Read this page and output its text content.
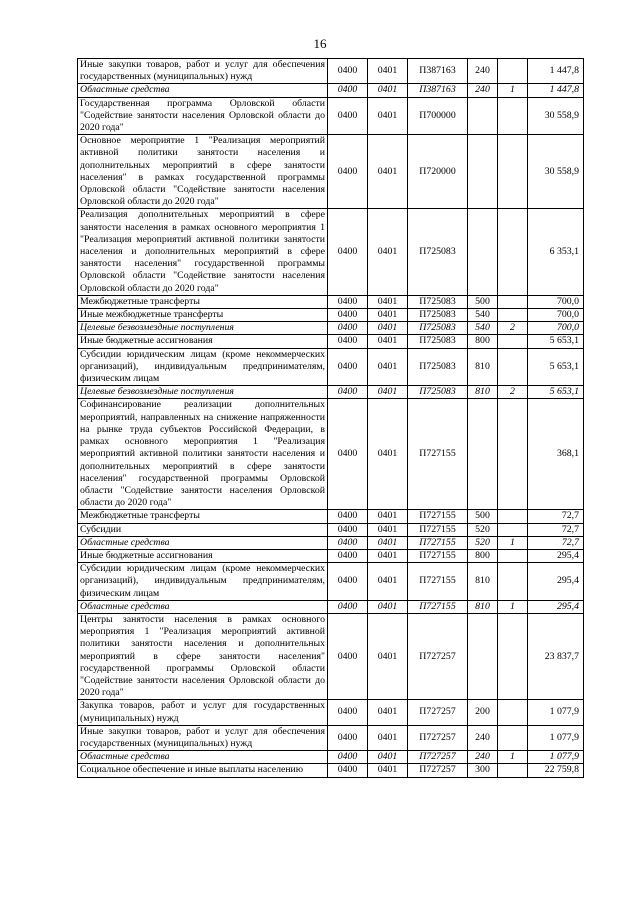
16
Иные закупки товаров, работ и услуг для обеспечения государственных (муниципальных) нужд	0400	0401	П387163	240		1 447,8
Областные средства	0400	0401	П387163	240	1	1 447,8
Государственная программа Орловской области "Содействие занятости населения Орловской области до 2020 года"	0400	0401	П700000			30 558,9
Основное мероприятие 1 "Реализация мероприятий активной политики занятости населения и дополнительных мероприятий в сфере занятости населения" в рамках государственной программы Орловской области "Содействие занятости населения Орловской области до 2020 года"	0400	0401	П720000			30 558,9
Реализация дополнительных мероприятий в сфере занятости населения в рамках основного мероприятия 1 "Реализация мероприятий активной политики занятости населения и дополнительных мероприятий в сфере занятости населения" государственной программы Орловской области "Содействие занятости населения Орловской области до 2020 года"	0400	0401	П725083			6 353,1
Межбюджетные трансферты	0400	0401	П725083	500		700,0
Иные межбюджетные трансферты	0400	0401	П725083	540		700,0
Целевые безвозмездные поступления	0400	0401	П725083	540	2	700,0
Иные бюджетные ассигнования	0400	0401	П725083	800		5 653,1
Субсидии юридическим лицам (кроме некоммерческих организаций), индивидуальным предпринимателям, физическим лицам	0400	0401	П725083	810		5 653,1
Целевые безвозмездные поступления	0400	0401	П725083	810	2	5 653,1
Софинансирование реализации дополнительных мероприятий, направленных на снижение напряженности на рынке труда субъектов Российской Федерации, в рамках основного мероприятия 1 "Реализация мероприятий активной политики занятости населения и дополнительных мероприятий в сфере занятости населения" государственной программы Орловской области "Содействие занятости населения Орловской области до 2020 года"	0400	0401	П727155			368,1
Межбюджетные трансферты	0400	0401	П727155	500		72,7
Субсидии	0400	0401	П727155	520		72,7
Областные средства	0400	0401	П727155	520	1	72,7
Иные бюджетные ассигнования	0400	0401	П727155	800		295,4
Субсидии юридическим лицам (кроме некоммерческих организаций), индивидуальным предпринимателям, физическим лицам	0400	0401	П727155	810		295,4
Областные средства	0400	0401	П727155	810	1	295,4
Центры занятости населения в рамках основного мероприятия 1 "Реализация мероприятий активной политики занятости населения и дополнительных мероприятий в сфере занятости населения" государственной программы Орловской области "Содействие занятости населения Орловской области до 2020 года"	0400	0401	П727257			23 837,7
Закупка товаров, работ и услуг для государственных (муниципальных) нужд	0400	0401	П727257	200		1 077,9
Иные закупки товаров, работ и услуг для обеспечения государственных (муниципальных) нужд	0400	0401	П727257	240		1 077,9
Областные средства	0400	0401	П727257	240	1	1 077,9
Социальное обеспечение и иные выплаты населению	0400	0401	П727257	300		22 759,8
